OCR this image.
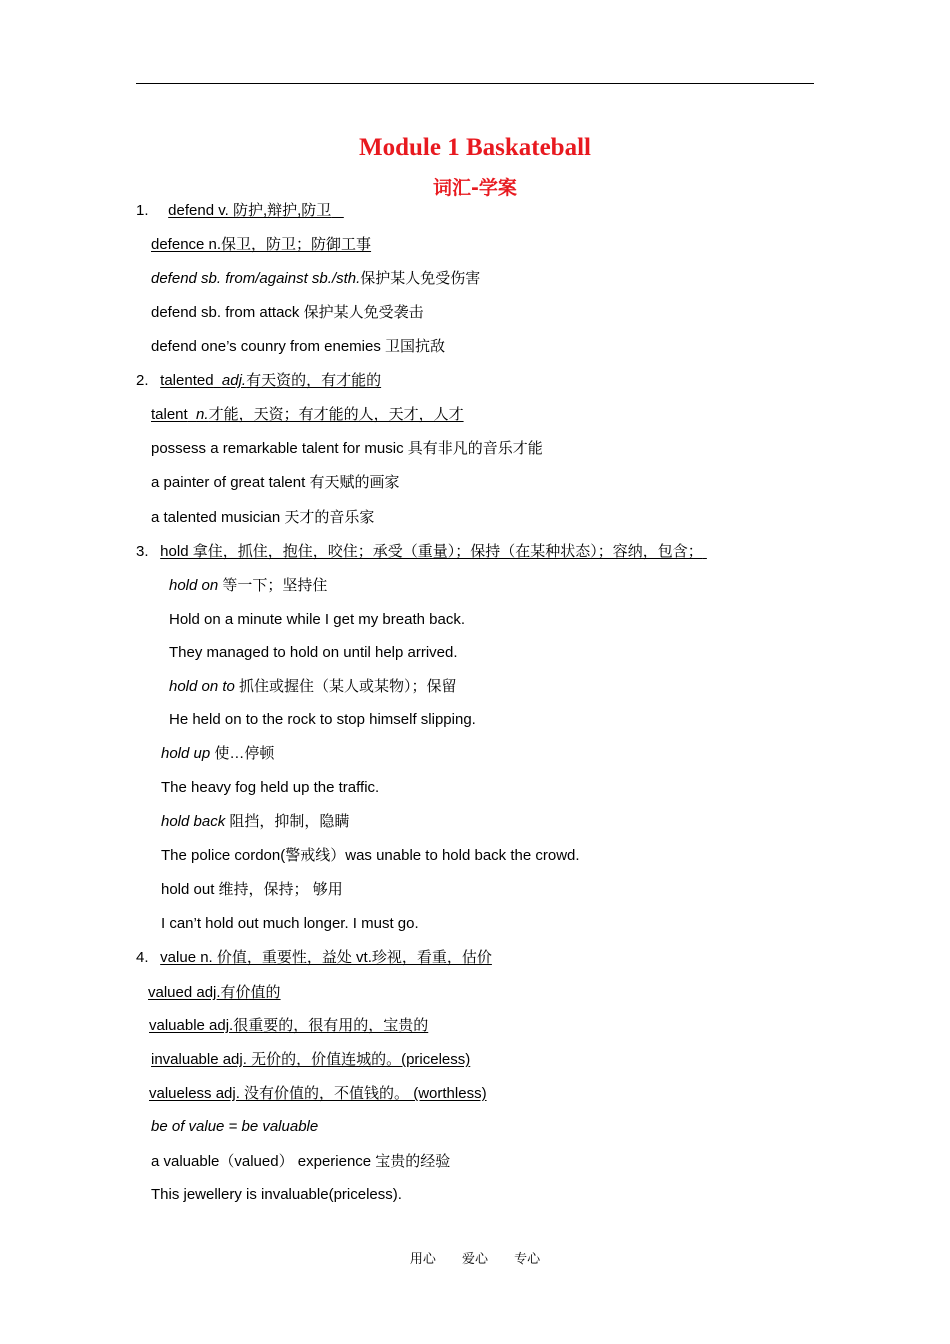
Module 1 Baskateball
词汇-学案
1. defend v. 防护,辩护,防卫
defence n.保卫，防卫；防御工事
defend sb. from/against sb./sth.保护某人免受伤害
defend sb. from attack 保护某人免受袭击
defend one’s counry from enemies 卫国抗敌
2. talented adj.有天资的，有才能的
talent n.才能，天资；有才能的人，天才，人才
possess a remarkable talent for music 具有非凡的音乐才能
a painter of great talent 有天赋的画家
a talented musician 天才的音乐家
3. hold 拿住，抓住，抱住，咬住；承受（重量）；保持（在某种状态）；容纳，包含；
hold on 等一下；坚持住
Hold on a minute while I get my breath back.
They managed to hold on until help arrived.
hold on to 抓住或握住（某人或某物）；保留
He held on to the rock to stop himself slipping.
hold up 使…停顿
The heavy fog held up the traffic.
hold back 阻挡，抑制，隐瞒
The police cordon(警戒线）was unable to hold back the crowd.
hold out 维持，保持； 够用
I can’t hold out much longer. I must go.
4. value n. 价值，重要性，益处 vt.珍视，看重，估价
valued adj.有价值的
valuable adj.很重要的，很有用的，宝贵的
invaluable adj. 无价的，价值连城的。(priceless)
valueless adj. 没有价值的，不值钱的。 (worthless)
be of value = be valuable
a valuable（valued） experience 宝贵的经验
This jewellery is invaluable(priceless).
用心 爱心 专心
